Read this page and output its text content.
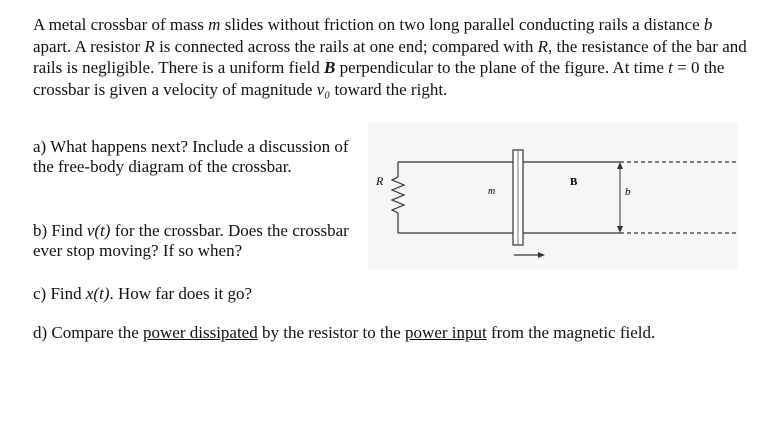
A metal crossbar of mass m slides without friction on two long parallel conducting rails a distance b apart. A resistor R is connected across the rails at one end; compared with R, the resistance of the bar and rails is negligible. There is a uniform field B perpendicular to the plane of the figure. At time t = 0 the crossbar is given a velocity of magnitude v₀ toward the right.

a) What happens next? Include a discussion of the free-body diagram of the crossbar.

b) Find v(t) for the crossbar. Does the crossbar ever stop moving? If so when?

c) Find x(t). How far does it go?

d) Compare the power dissipated by the resistor to the power input from the magnetic field.

R
m
B
b
